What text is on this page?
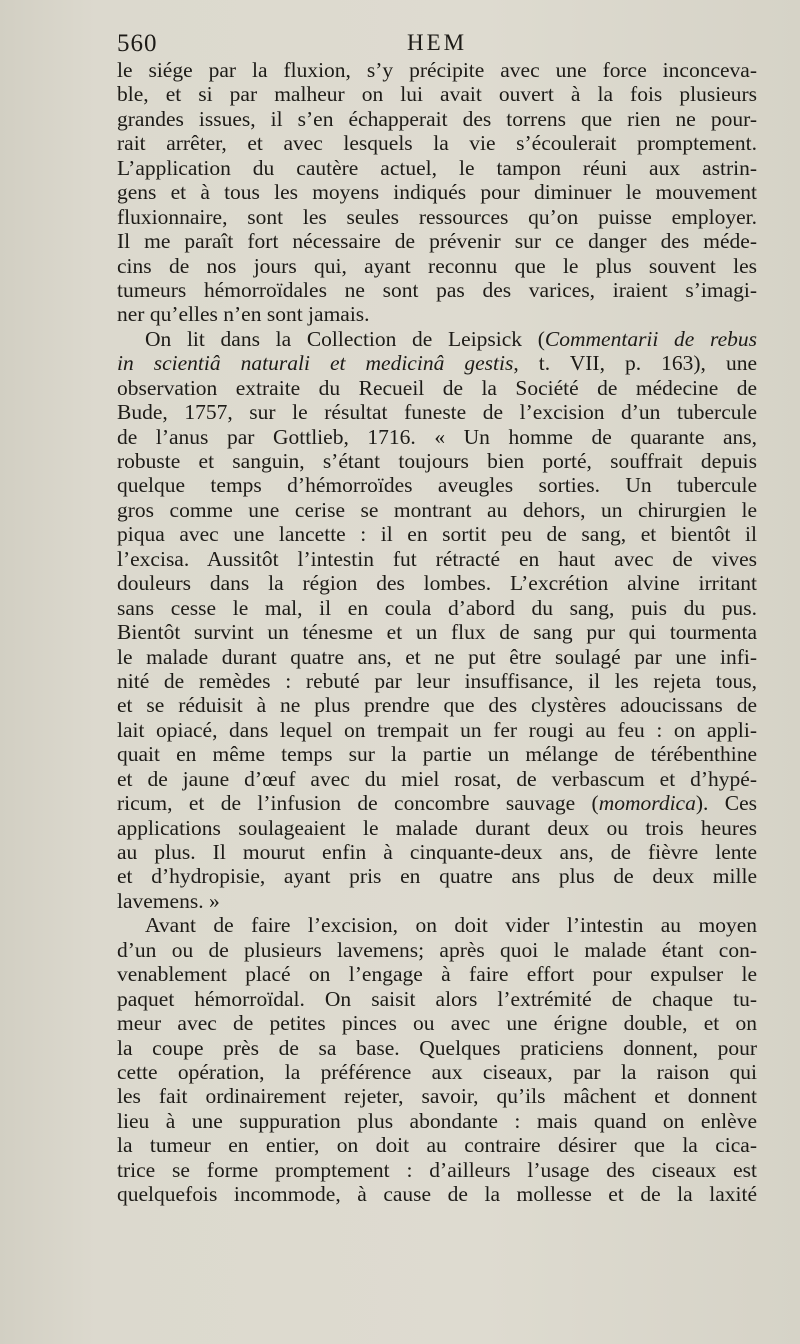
560	HEM
le siége par la fluxion, s’y précipite avec une force inconceva-
ble, et si par malheur on lui avait ouvert à la fois plusieurs
grandes issues, il s’en échapperait des torrens que rien ne pour-
rait arrêter, et avec lesquels la vie s’écoulerait promptement.
L’application du cautère actuel, le tampon réuni aux astrin-
gens et à tous les moyens indiqués pour diminuer le mouvement
fluxionnaire, sont les seules ressources qu’on puisse employer.
Il me paraît fort nécessaire de prévenir sur ce danger des méde-
cins de nos jours qui, ayant reconnu que le plus souvent les
tumeurs hémorroïdales ne sont pas des varices, iraient s’imagi-
ner qu’elles n’en sont jamais.
On lit dans la Collection de Leipsick (Commentarii de rebus
in scientiâ naturali et medicinâ gestis, t. VII, p. 163), une
observation extraite du Recueil de la Société de médecine de
Bude, 1757, sur le résultat funeste de l’excision d’un tubercule
de l’anus par Gottlieb, 1716. « Un homme de quarante ans,
robuste et sanguin, s’étant toujours bien porté, souffrait depuis
quelque temps d’hémorroïdes aveugles sorties. Un tubercule
gros comme une cerise se montrant au dehors, un chirurgien le
piqua avec une lancette : il en sortit peu de sang, et bientôt il
l’excisa. Aussitôt l’intestin fut rétracté en haut avec de vives
douleurs dans la région des lombes. L’excrétion alvine irritant
sans cesse le mal, il en coula d’abord du sang, puis du pus.
Bientôt survint un ténesme et un flux de sang pur qui tourmenta
le malade durant quatre ans, et ne put être soulagé par une infi-
nité de remèdes : rebuté par leur insuffisance, il les rejeta tous,
et se réduisit à ne plus prendre que des clystères adoucissans de
lait opiacé, dans lequel on trempait un fer rougi au feu : on appli-
quait en même temps sur la partie un mélange de térébenthine
et de jaune d’œuf avec du miel rosat, de verbascum et d’hypé-
ricum, et de l’infusion de concombre sauvage (momordica). Ces
applications soulageaient le malade durant deux ou trois heures
au plus. Il mourut enfin à cinquante-deux ans, de fièvre lente
et d’hydropisie, ayant pris en quatre ans plus de deux mille
lavemens. »
Avant de faire l’excision, on doit vider l’intestin au moyen
d’un ou de plusieurs lavemens; après quoi le malade étant con-
venablement placé on l’engage à faire effort pour expulser le
paquet hémorroïdal. On saisit alors l’extrémité de chaque tu-
meur avec de petites pinces ou avec une érigne double, et on
la coupe près de sa base. Quelques praticiens donnent, pour
cette opération, la préférence aux ciseaux, par la raison qui
les fait ordinairement rejeter, savoir, qu’ils mâchent et donnent
lieu à une suppuration plus abondante : mais quand on enlève
la tumeur en entier, on doit au contraire désirer que la cica-
trice se forme promptement : d’ailleurs l’usage des ciseaux est
quelquefois incommode, à cause de la mollesse et de la laxité
